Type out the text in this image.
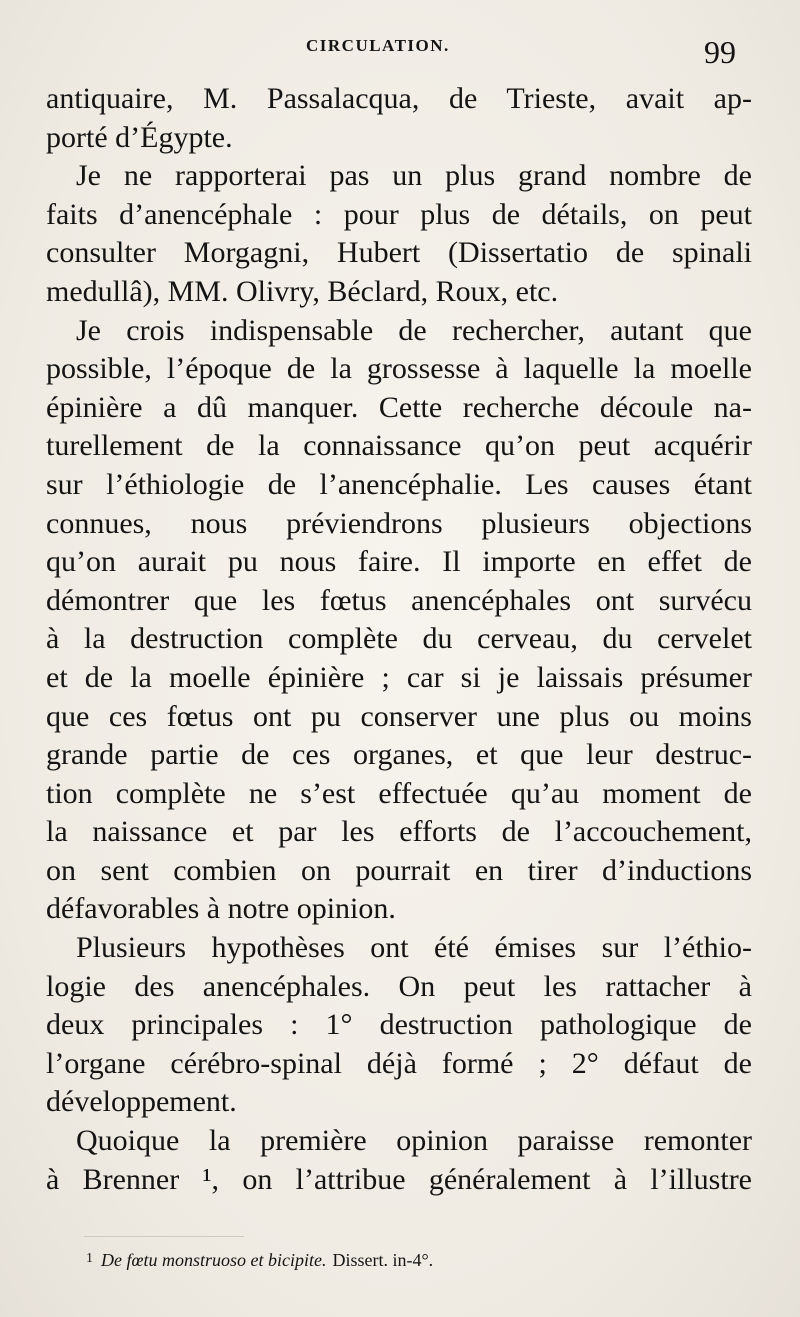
CIRCULATION.	99
antiquaire, M. Passalacqua, de Trieste, avait ap-
porté d’Égypte.
Je ne rapporterai pas un plus grand nombre de
faits d’anencéphale : pour plus de détails, on peut
consulter Morgagni, Hubert (Dissertatio de spinali
medullâ), MM. Olivry, Béclard, Roux, etc.
Je crois indispensable de rechercher, autant que
possible, l’époque de la grossesse à laquelle la moelle
épinière a dû manquer. Cette recherche découle na-
turellement de la connaissance qu’on peut acquérir
sur l’éthiologie de l’anencéphalie. Les causes étant
connues, nous préviendrons plusieurs objections
qu’on aurait pu nous faire. Il importe en effet de
démontrer que les fœtus anencéphales ont survécu
à la destruction complète du cerveau, du cervelet
et de la moelle épinière ; car si je laissais présumer
que ces fœtus ont pu conserver une plus ou moins
grande partie de ces organes, et que leur destruc-
tion complète ne s’est effectuée qu’au moment de
la naissance et par les efforts de l’accouchement,
on sent combien on pourrait en tirer d’inductions
défavorables à notre opinion.
Plusieurs hypothèses ont été émises sur l’éthio-
logie des anencéphales. On peut les rattacher à
deux principales : 1° destruction pathologique de
l’organe cérébro-spinal déjà formé ; 2° défaut de
développement.
Quoique la première opinion paraisse remonter
à Brenner ¹, on l’attribue généralement à l’illustre
$^1$ De fœtu monstruoso et bicipite. Dissert. in-4°.
